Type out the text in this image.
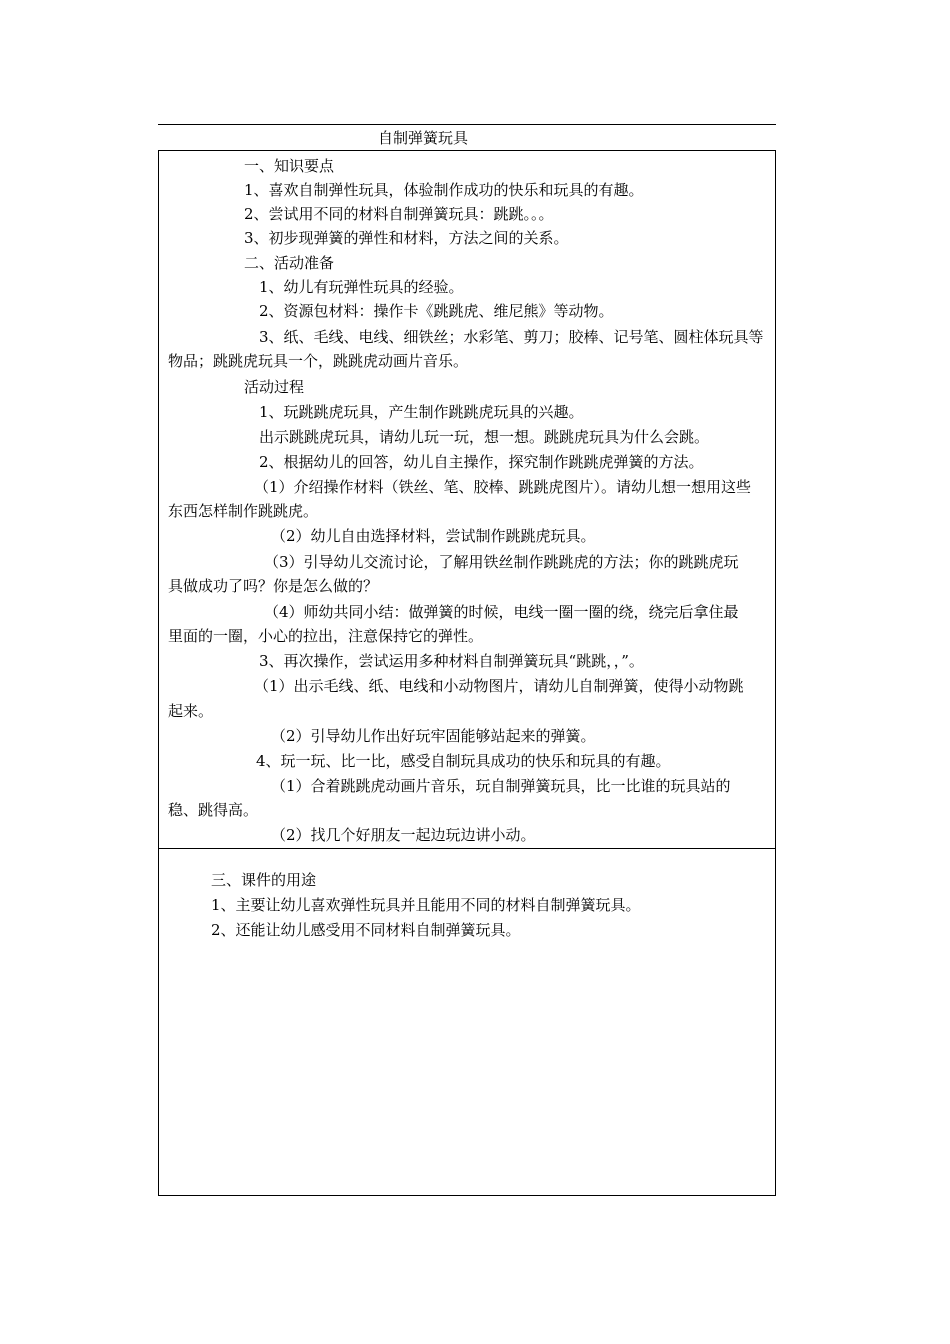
自制弹簧玩具
一、知识要点
1、喜欢自制弹性玩具，体验制作成功的快乐和玩具的有趣。
2、尝试用不同的材料自制弹簧玩具：跳跳。。。
3、初步现弹簧的弹性和材料，方法之间的关系。
二、活动准备
1、幼儿有玩弹性玩具的经验。
2、资源包材料：操作卡《跳跳虎、维尼熊》等动物。
3、纸、毛线、电线、细铁丝；水彩笔、剪刀；胶棒、记号笔、圆柱体玩具等
物品；跳跳虎玩具一个，跳跳虎动画片音乐。
活动过程
1、玩跳跳虎玩具，产生制作跳跳虎玩具的兴趣。
出示跳跳虎玩具，请幼儿玩一玩，想一想。跳跳虎玩具为什么会跳。
2、根据幼儿的回答，幼儿自主操作，探究制作跳跳虎弹簧的方法。
（1）介绍操作材料（铁丝、笔、胶棒、跳跳虎图片）。请幼儿想一想用这些
东西怎样制作跳跳虎。
（2）幼儿自由选择材料，尝试制作跳跳虎玩具。
（3）引导幼儿交流讨论，了解用铁丝制作跳跳虎的方法；你的跳跳虎玩
具做成功了吗？你是怎么做的？
（4）师幼共同小结：做弹簧的时候，电线一圈一圈的绕，绕完后拿住最
里面的一圈，小心的拉出，注意保持它的弹性。
3、再次操作，尝试运用多种材料自制弹簧玩具“跳跳，，”。
（1）出示毛线、纸、电线和小动物图片，请幼儿自制弹簧，使得小动物跳
起来。
（2）引导幼儿作出好玩牢固能够站起来的弹簧。
4、玩一玩、比一比，感受自制玩具成功的快乐和玩具的有趣。
（1）合着跳跳虎动画片音乐，玩自制弹簧玩具，比一比谁的玩具站的
稳、跳得高。
（2）找几个好朋友一起边玩边讲小动。
三、课件的用途
1、主要让幼儿喜欢弹性玩具并且能用不同的材料自制弹簧玩具。
2、还能让幼儿感受用不同材料自制弹簧玩具。
